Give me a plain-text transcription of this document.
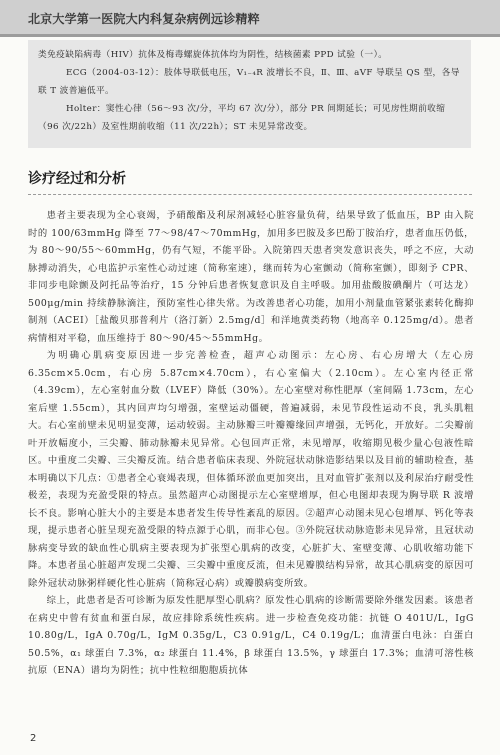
北京大学第一医院大内科复杂病例远诊精粹

类免疫缺陷病毒（HIV）抗体及梅毒螺旋体抗体均为阴性，结核菌素 PPD 试验（一）。

ECG（2004-03-12）：肢体导联低电压，V₁₋₄R 波增长不良，Ⅱ、Ⅲ、aVF 导联呈 QS 型，各导联 T 波普遍低平。

Holter：窦性心律（56～93 次/分，平均 67 次/分），部分 PR 间期延长；可见房性期前收缩（96 次/22h）及室性期前收缩（11 次/22h）；ST 未见异常改变。

诊疗经过和分析

患者主要表现为全心衰竭，予硝酸酯及利尿剂减轻心脏容量负荷，结果导致了低血压，BP 由入院时的 100/63mmHg 降至 77～98/47～70mmHg，加用多巴胺及多巴酚丁胺治疗，患者血压仍低，为 80～90/55～60mmHg，仍有气短，不能平卧。入院第四天患者突发意识丧失，呼之不应，大动脉搏动消失，心电监护示室性心动过速（简称室速），继而转为心室颤动（简称室颤），即刻予 CPR、非同步电除颤及阿托品等治疗，15 分钟后患者恢复意识及自主呼吸。加用盐酸胺碘酮片（可达龙）500μg/min 持续静脉滴注，预防室性心律失常。为改善患者心功能，加用小剂量血管紧张素转化酶抑制剂（ACEI）［盐酸贝那普利片（洛汀新）2.5mg/d］和洋地黄类药物（地高辛 0.125mg/d）。患者病情相对平稳，血压维持于 80～90/45～55mmHg。

为明确心肌病变原因进一步完善检查，超声心动图示：左心房、右心房增大（左心房 6.35cm×5.0cm，右心房 5.87cm×4.70cm），右心室偏大（2.10cm）。左心室内径正常（4.39cm），左心室射血分数（LVEF）降低（30%）。左心室壁对称性肥厚（室间隔 1.73cm，左心室后壁 1.55cm），其内回声均匀增强，室壁运动僵硬，普遍减弱，未见节段性运动不良，乳头肌粗大。右心室前壁未见明显变薄，运动较弱。主动脉瓣三叶瓣瓣缘回声增强，无钙化，开放好。二尖瓣前叶开放幅度小，三尖瓣、肺动脉瓣未见异常。心包回声正常，未见增厚，收缩期见极少量心包液性暗区。中重度二尖瓣、三尖瓣反流。结合患者临床表现、外院冠状动脉造影结果以及目前的辅助检查，基本明确以下几点：①患者全心衰竭表现，但体循环淤血更加突出，且对血管扩张剂以及利尿治疗耐受性极差，表现为充盈受限的特点。虽然超声心动图提示左心室壁增厚，但心电图却表现为胸导联 R 波增长不良。影响心脏大小的主要是本患者发生传导性紊乱的原因。②超声心动图未见心包增厚、钙化等表现，提示患者心脏呈现充盈受限的特点源于心肌，而非心包。③外院冠状动脉造影未见异常，且冠状动脉病变导致的缺血性心肌病主要表现为扩张型心肌病的改变，心脏扩大、室壁变薄、心肌收缩功能下降。本患者虽心脏超声发现二尖瓣、三尖瓣中重度反流，但未见瓣膜结构异常，故其心肌病变的原因可除外冠状动脉粥样硬化性心脏病（简称冠心病）或瓣膜病变所致。

综上，此患者是否可诊断为原发性肥厚型心肌病？原发性心肌病的诊断需要除外继发因素。该患者在病史中曾有贫血和蛋白尿，故应排除系统性疾病。进一步检查免疫功能：抗链 O 401U/L，IgG 10.80g/L，IgA 0.70g/L，IgM 0.35g/L，C3 0.91g/L，C4 0.19g/L；血清蛋白电泳：白蛋白 50.5%，α₁ 球蛋白 7.3%，α₂ 球蛋白 11.4%，β 球蛋白 13.5%，γ 球蛋白 17.3%；血清可溶性核抗原（ENA）谱均为阴性；抗中性粒细胞胞质抗体

2
